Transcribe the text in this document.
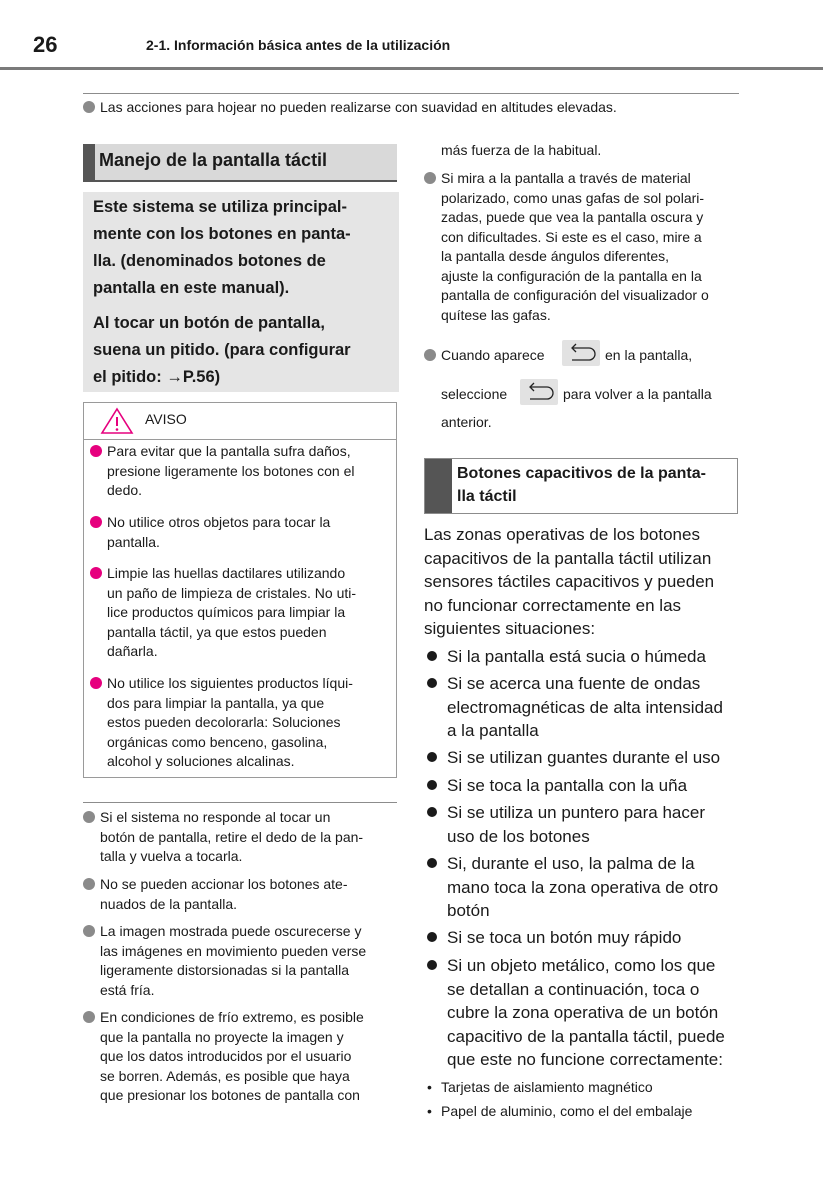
26	2-1. Información básica antes de la utilización
Las acciones para hojear no pueden realizarse con suavidad en altitudes elevadas.
Manejo de la pantalla táctil

Este sistema se utiliza principal-
mente con los botones en panta-
lla. (denominados botones de
pantalla en este manual).

Al tocar un botón de pantalla,
suena un pitido. (para configurar
el pitido: →P.56)

AVISO
Para evitar que la pantalla sufra daños,
presione ligeramente los botones con el
dedo.
No utilice otros objetos para tocar la
pantalla.
Limpie las huellas dactilares utilizando
un paño de limpieza de cristales. No uti-
lice productos químicos para limpiar la
pantalla táctil, ya que estos pueden
dañarla.
No utilice los siguientes productos líqui-
dos para limpiar la pantalla, ya que
estos pueden decolorarla: Soluciones
orgánicas como benceno, gasolina,
alcohol y soluciones alcalinas.
Si el sistema no responde al tocar un
botón de pantalla, retire el dedo de la pan-
talla y vuelva a tocarla.
No se pueden accionar los botones ate-
nuados de la pantalla.
La imagen mostrada puede oscurecerse y
las imágenes en movimiento pueden verse
ligeramente distorsionadas si la pantalla
está fría.
En condiciones de frío extremo, es posible
que la pantalla no proyecte la imagen y
que los datos introducidos por el usuario
se borren. Además, es posible que haya
que presionar los botones de pantalla con
más fuerza de la habitual.
Si mira a la pantalla a través de material
polarizado, como unas gafas de sol polari-
zadas, puede que vea la pantalla oscura y
con dificultades. Si este es el caso, mire a
la pantalla desde ángulos diferentes,
ajuste la configuración de la pantalla en la
pantalla de configuración del visualizador o
quítese las gafas.
Cuando aparece	en la pantalla,
seleccione	para volver a la pantalla
anterior.
Botones capacitivos de la panta-
lla táctil
Las zonas operativas de los botones
capacitivos de la pantalla táctil utilizan
sensores táctiles capacitivos y pueden
no funcionar correctamente en las
siguientes situaciones:
Si la pantalla está sucia o húmeda
Si se acerca una fuente de ondas
electromagnéticas de alta intensidad
a la pantalla
Si se utilizan guantes durante el uso
Si se toca la pantalla con la uña
Si se utiliza un puntero para hacer
uso de los botones
Si, durante el uso, la palma de la
mano toca la zona operativa de otro
botón
Si se toca un botón muy rápido
Si un objeto metálico, como los que
se detallan a continuación, toca o
cubre la zona operativa de un botón
capacitivo de la pantalla táctil, puede
que este no funcione correctamente:
• Tarjetas de aislamiento magnético
• Papel de aluminio, como el del embalaje
